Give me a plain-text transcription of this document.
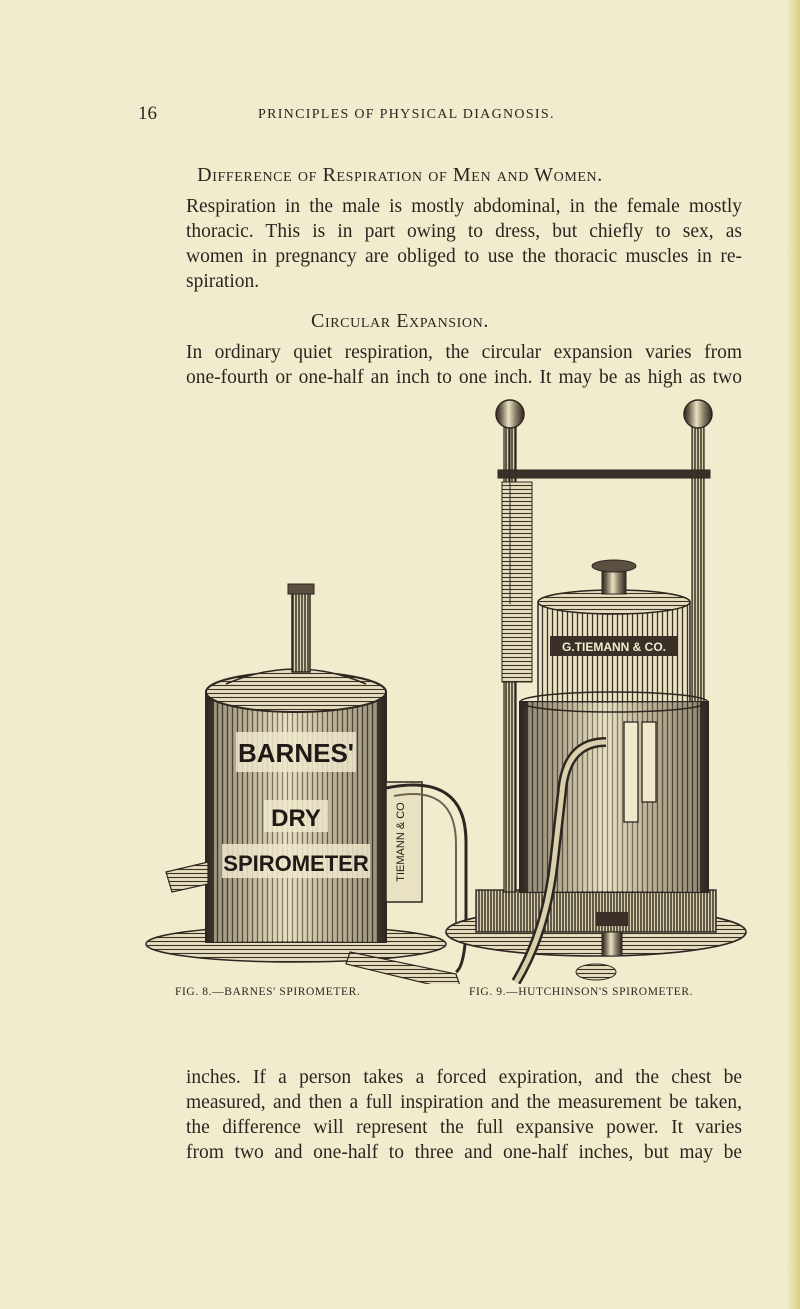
16	PRINCIPLES OF PHYSICAL DIAGNOSIS.
Difference of Respiration of Men and Women.
Respiration in the male is mostly abdominal, in the female mostly
thoracic. This is in part owing to dress, but chiefly to sex, as
women in pregnancy are obliged to use the thoracic muscles in re-
spiration.
Circular Expansion.
In ordinary quiet respiration, the circular expansion varies from
one-fourth or one-half an inch to one inch. It may be as high as two
BARNES'
DRY
SPIROMETER TIEMANN & CO
G.TIEMANN & CO.
FIG. 8.—BARNES' SPIROMETER.	FIG. 9.—HUTCHINSON'S SPIROMETER.
inches. If a person takes a forced expiration, and the chest be
measured, and then a full inspiration and the measurement be taken,
the difference will represent the full expansive power. It varies
from two and one-half to three and one-half inches, but may be
